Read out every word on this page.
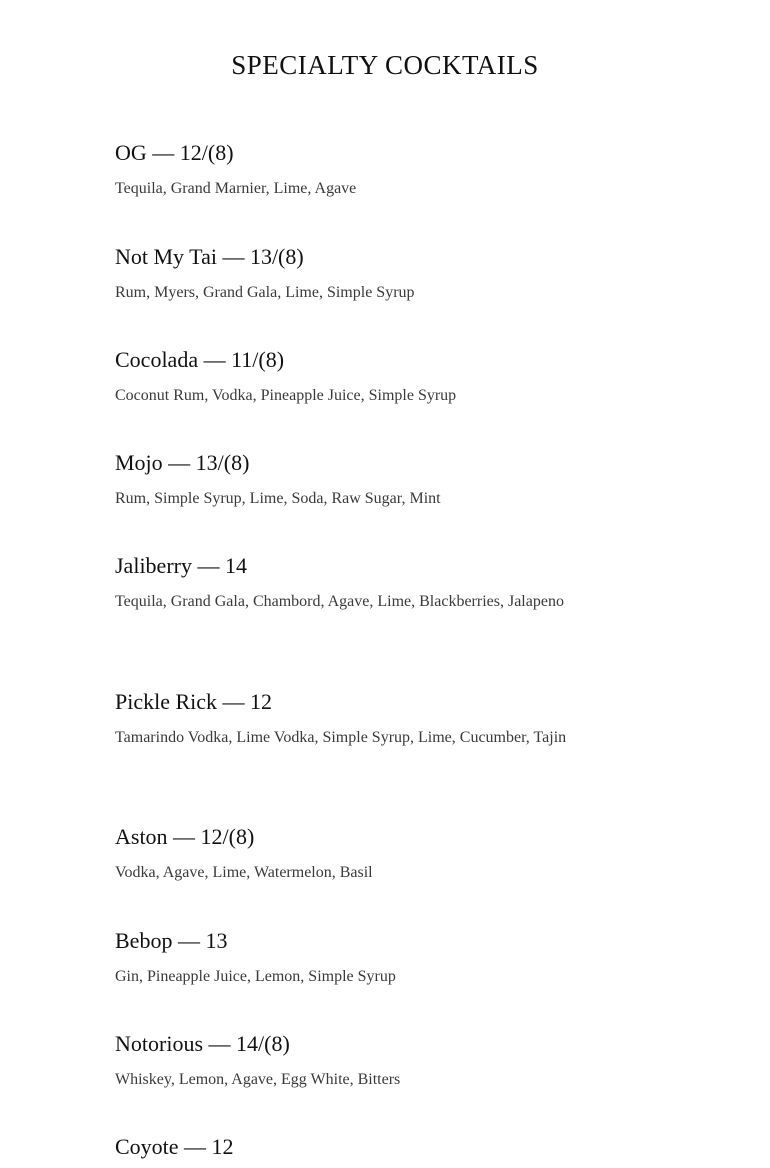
SPECIALTY COCKTAILS
OG — 12/(8)
Tequila, Grand Marnier, Lime, Agave
Not My Tai — 13/(8)
Rum, Myers, Grand Gala, Lime, Simple Syrup
Cocolada — 11/(8)
Coconut Rum, Vodka, Pineapple Juice, Simple Syrup
Mojo — 13/(8)
Rum, Simple Syrup, Lime, Soda, Raw Sugar, Mint
Jaliberry — 14
Tequila, Grand Gala, Chambord, Agave, Lime, Blackberries, Jalapeno
Pickle Rick — 12
Tamarindo Vodka, Lime Vodka, Simple Syrup, Lime, Cucumber, Tajin
Aston — 12/(8)
Vodka, Agave, Lime, Watermelon, Basil
Bebop — 13
Gin, Pineapple Juice, Lemon, Simple Syrup
Notorious — 14/(8)
Whiskey, Lemon, Agave, Egg White, Bitters
Coyote — 12
